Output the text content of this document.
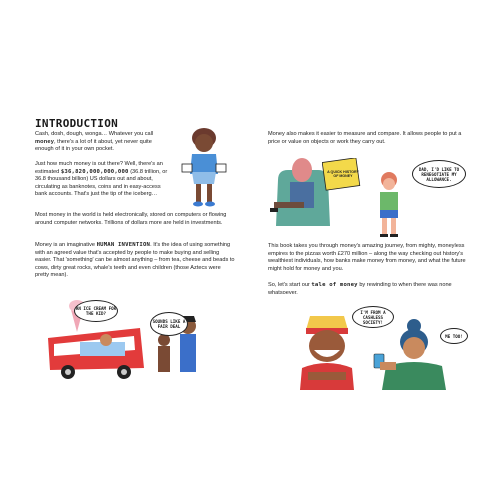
INTRODUCTION
Cash, dosh, dough, wonga… Whatever you call money, there's a lot of it about, yet never quite enough of it in your own pocket.
Just how much money is out there? Well, there's an estimated $36,820,000,000,000 (36.8 trillion, or 36.8 thousand billion) US dollars out and about, circulating as banknotes, coins and in easy-access bank accounts. That's just the tip of the iceberg…
Most money in the world is held electronically, stored on computers or flowing around computer networks. Trillions of dollars more are held in investments.
Money is an imaginative HUMAN INVENTION. It's the idea of using something with an agreed value that's accepted by people to make buying and selling easier. That 'something' can be almost anything – from tea, cheese and beads to cows, dirty great rocks, whale's teeth and even children (those Aztecs were pretty mean).
AN ICE CREAM FOR THE KID?
SOUNDS LIKE A FAIR DEAL
Money also makes it easier to measure and compare. It allows people to put a price or value on objects or work they carry out.
A QUICK HISTORY OF MONEY
DAD, I'D LIKE TO RENEGOTIATE MY ALLOWANCE.
This book takes you through money's amazing journey, from mighty, moneyless empires to the pizzas worth £270 million – along the way checking out history's wealthiest individuals, how banks make money from money, and what the future might hold for money and you.
So, let's start our tale of money by rewinding to when there was none whatsoever.
I'M FROM A CASHLESS SOCIETY!
ME TOO!
